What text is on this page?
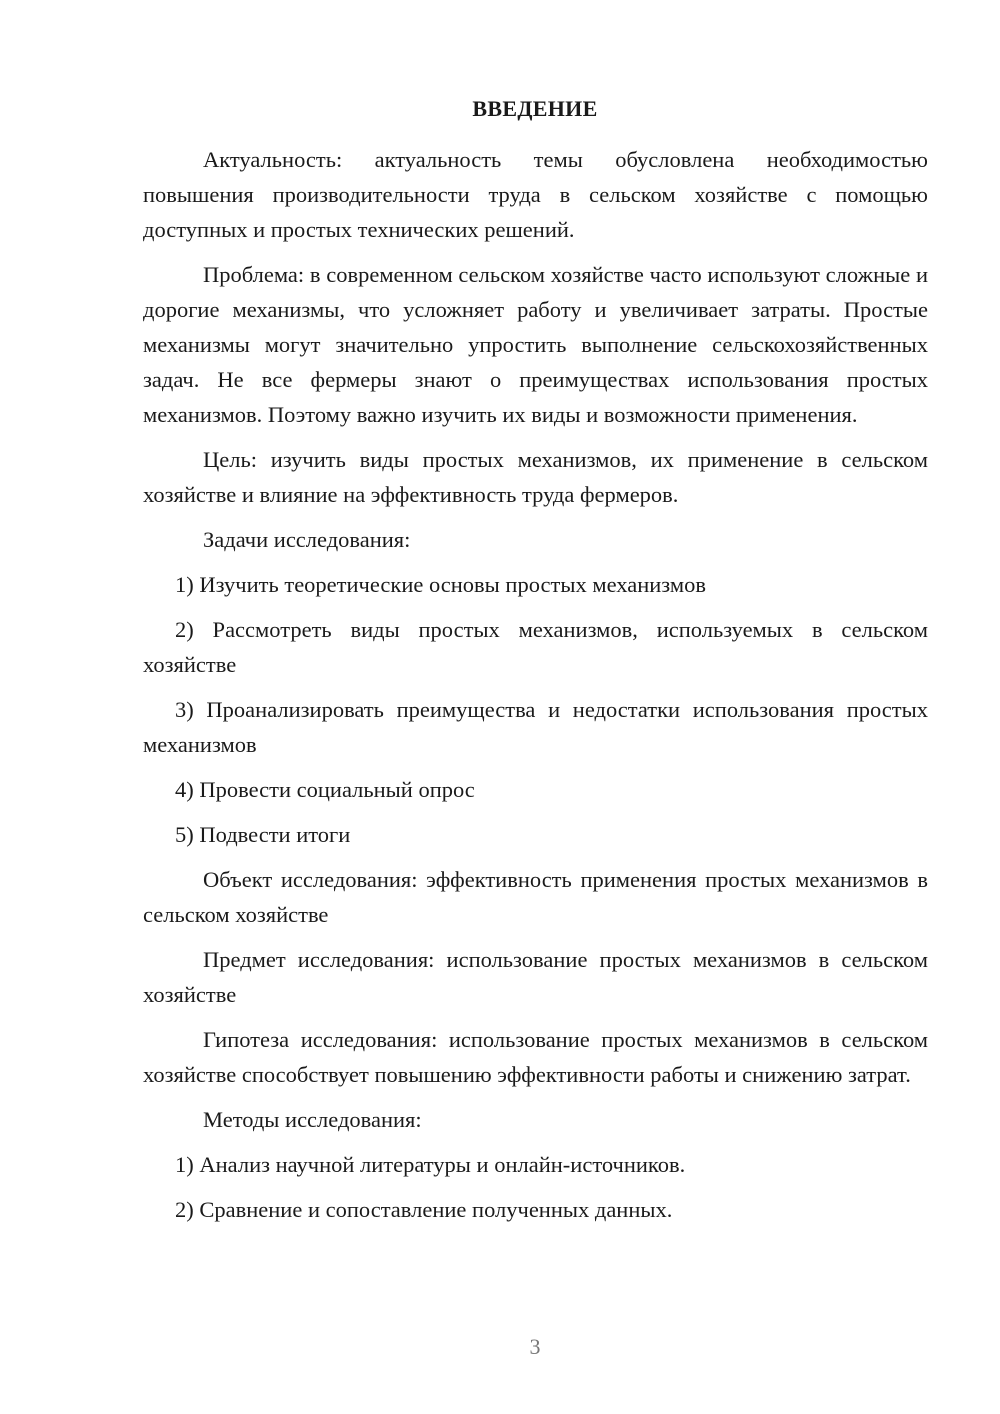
ВВЕДЕНИЕ

Актуальность: актуальность темы обусловлена необходимостью повышения производительности труда в сельском хозяйстве с помощью доступных и простых технических решений.

Проблема: в современном сельском хозяйстве часто используют сложные и дорогие механизмы, что усложняет работу и увеличивает затраты. Простые механизмы могут значительно упростить выполнение сельскохозяйственных задач. Не все фермеры знают о преимуществах использования простых механизмов. Поэтому важно изучить их виды и возможности применения.

Цель: изучить виды простых механизмов, их применение в сельском хозяйстве и влияние на эффективность труда фермеров.

Задачи исследования:

1) Изучить теоретические основы простых механизмов

2) Рассмотреть виды простых механизмов, используемых в сельском хозяйстве

3) Проанализировать преимущества и недостатки использования простых механизмов

4) Провести социальный опрос

5) Подвести итоги

Объект исследования: эффективность применения простых механизмов в сельском хозяйстве

Предмет исследования: использование простых механизмов в сельском хозяйстве

Гипотеза исследования: использование простых механизмов в сельском хозяйстве способствует повышению эффективности работы и снижению затрат.

Методы исследования:

1) Анализ научной литературы и онлайн-источников.

2) Сравнение и сопоставление полученных данных.

3
